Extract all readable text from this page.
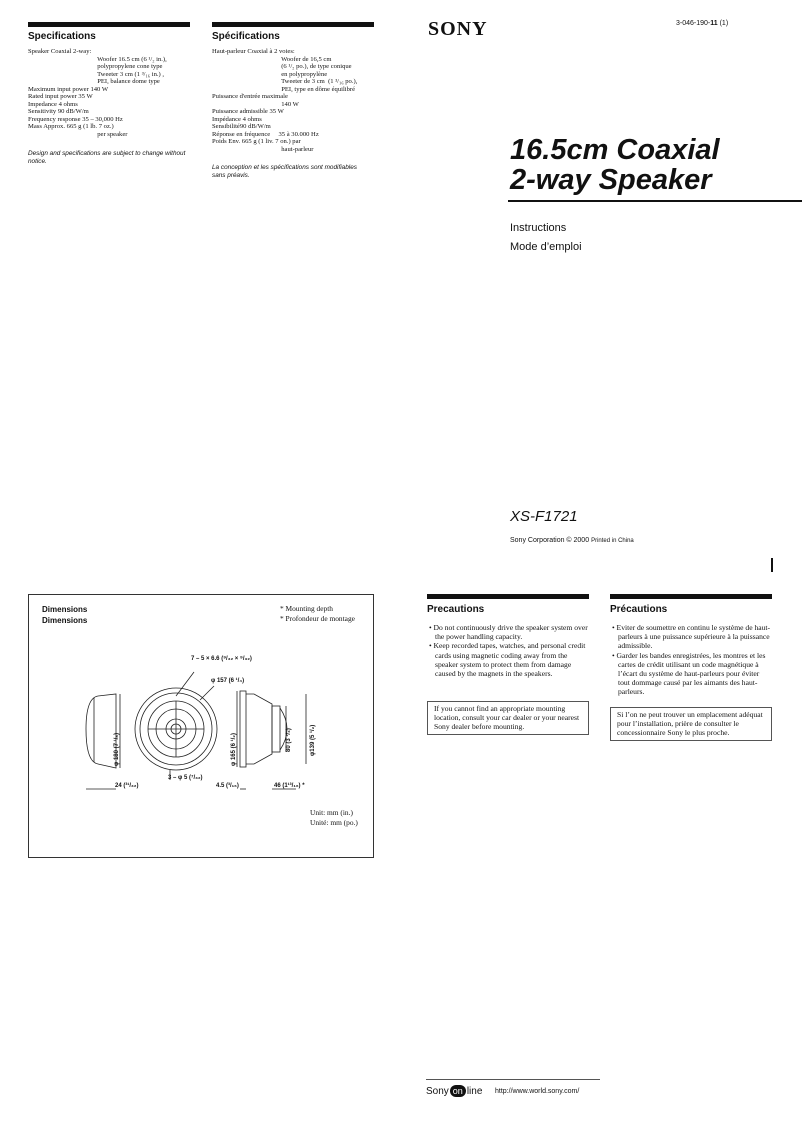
Specifications
Speaker Coaxial 2-way:
Woofer 16.5 cm (6 ¹/₂ in.),
polypropylene cone type
Tweeter 3 cm (1 ³/₁₆ in.) ,
PEI, balance dome type
Maximum input power 140 W
Rated input power 35 W
Impedance 4 ohms
Sensitivity 90 dB/W/m
Frequency response 35 – 30,000 Hz
Mass Approx. 665 g (1 lb. 7 oz.)
per speaker
Design and specifications are subject to change without notice.
Spécifications
Haut-parleur Coaxial à 2 voies:
Woofer de 16,5 cm
(6 ¹/₂ po.), de type conique
en polypropylène
Tweeter de 3 cm  (1 ³/₁₆ po.),
PEI, type en dôme équilibré
Puissance d'entrée maximale
140 W
Puissance admissible 35 W
Impédance 4 ohms
Sensibilité90 dB/W/m
Réponse en fréquence     35 à 30.000 Hz
Poids Env. 665 g (1 liv. 7 on.) par
haut-parleur
La conception et les spécifications sont modifiables sans préavis.
SONY	3-046-190-11 (1)
16.5cm Coaxial
2-way Speaker
Instructions
Mode d’emploi
XS-F1721
Sony Corporation © 2000 Printed in China
Dimensions
Dimensions
* Mounting depth
* Profondeur de montage
7 – 5 × 6.6 (⁹/₃₂ × ⁹/₃₂)
φ 157 (6 ¹/₄)
φ 180 (7 ¹/₈)	φ 165 (6 ¹/₂)	80 (3 ¹/₄)	φ139 (5 ¹/₂)
3 – φ 5 (⁷/₃₂)
24 (³¹/₃₂)	4.5 (³/₁₆)	46 (1¹³/₁₆) *
Unit: mm (in.)
Unité: mm (po.)
Precautions
• Do not continuously drive the speaker system over the power handling capacity.
• Keep recorded tapes, watches, and personal credit cards using magnetic coding away from the speaker system to protect them from damage caused by the magnets in the speakers.
If you cannot find an appropriate mounting location, consult your car dealer or your nearest Sony dealer before mounting.
Précautions
• Eviter de soumettre en continu le système de haut-parleurs à une puissance supérieure à la puissance admissible.
• Garder les bandes enregistrées, les montres et les cartes de crédit utilisant un code magnétique à l’écart du système de haut-parleurs pour éviter tout dommage causé par les aimants des haut-parleurs.
Si l’on ne peut trouver un emplacement adéquat pour l’installation, prière de consulter le concessionnaire Sony le plus proche.
Sony on line http://www.world.sony.com/
